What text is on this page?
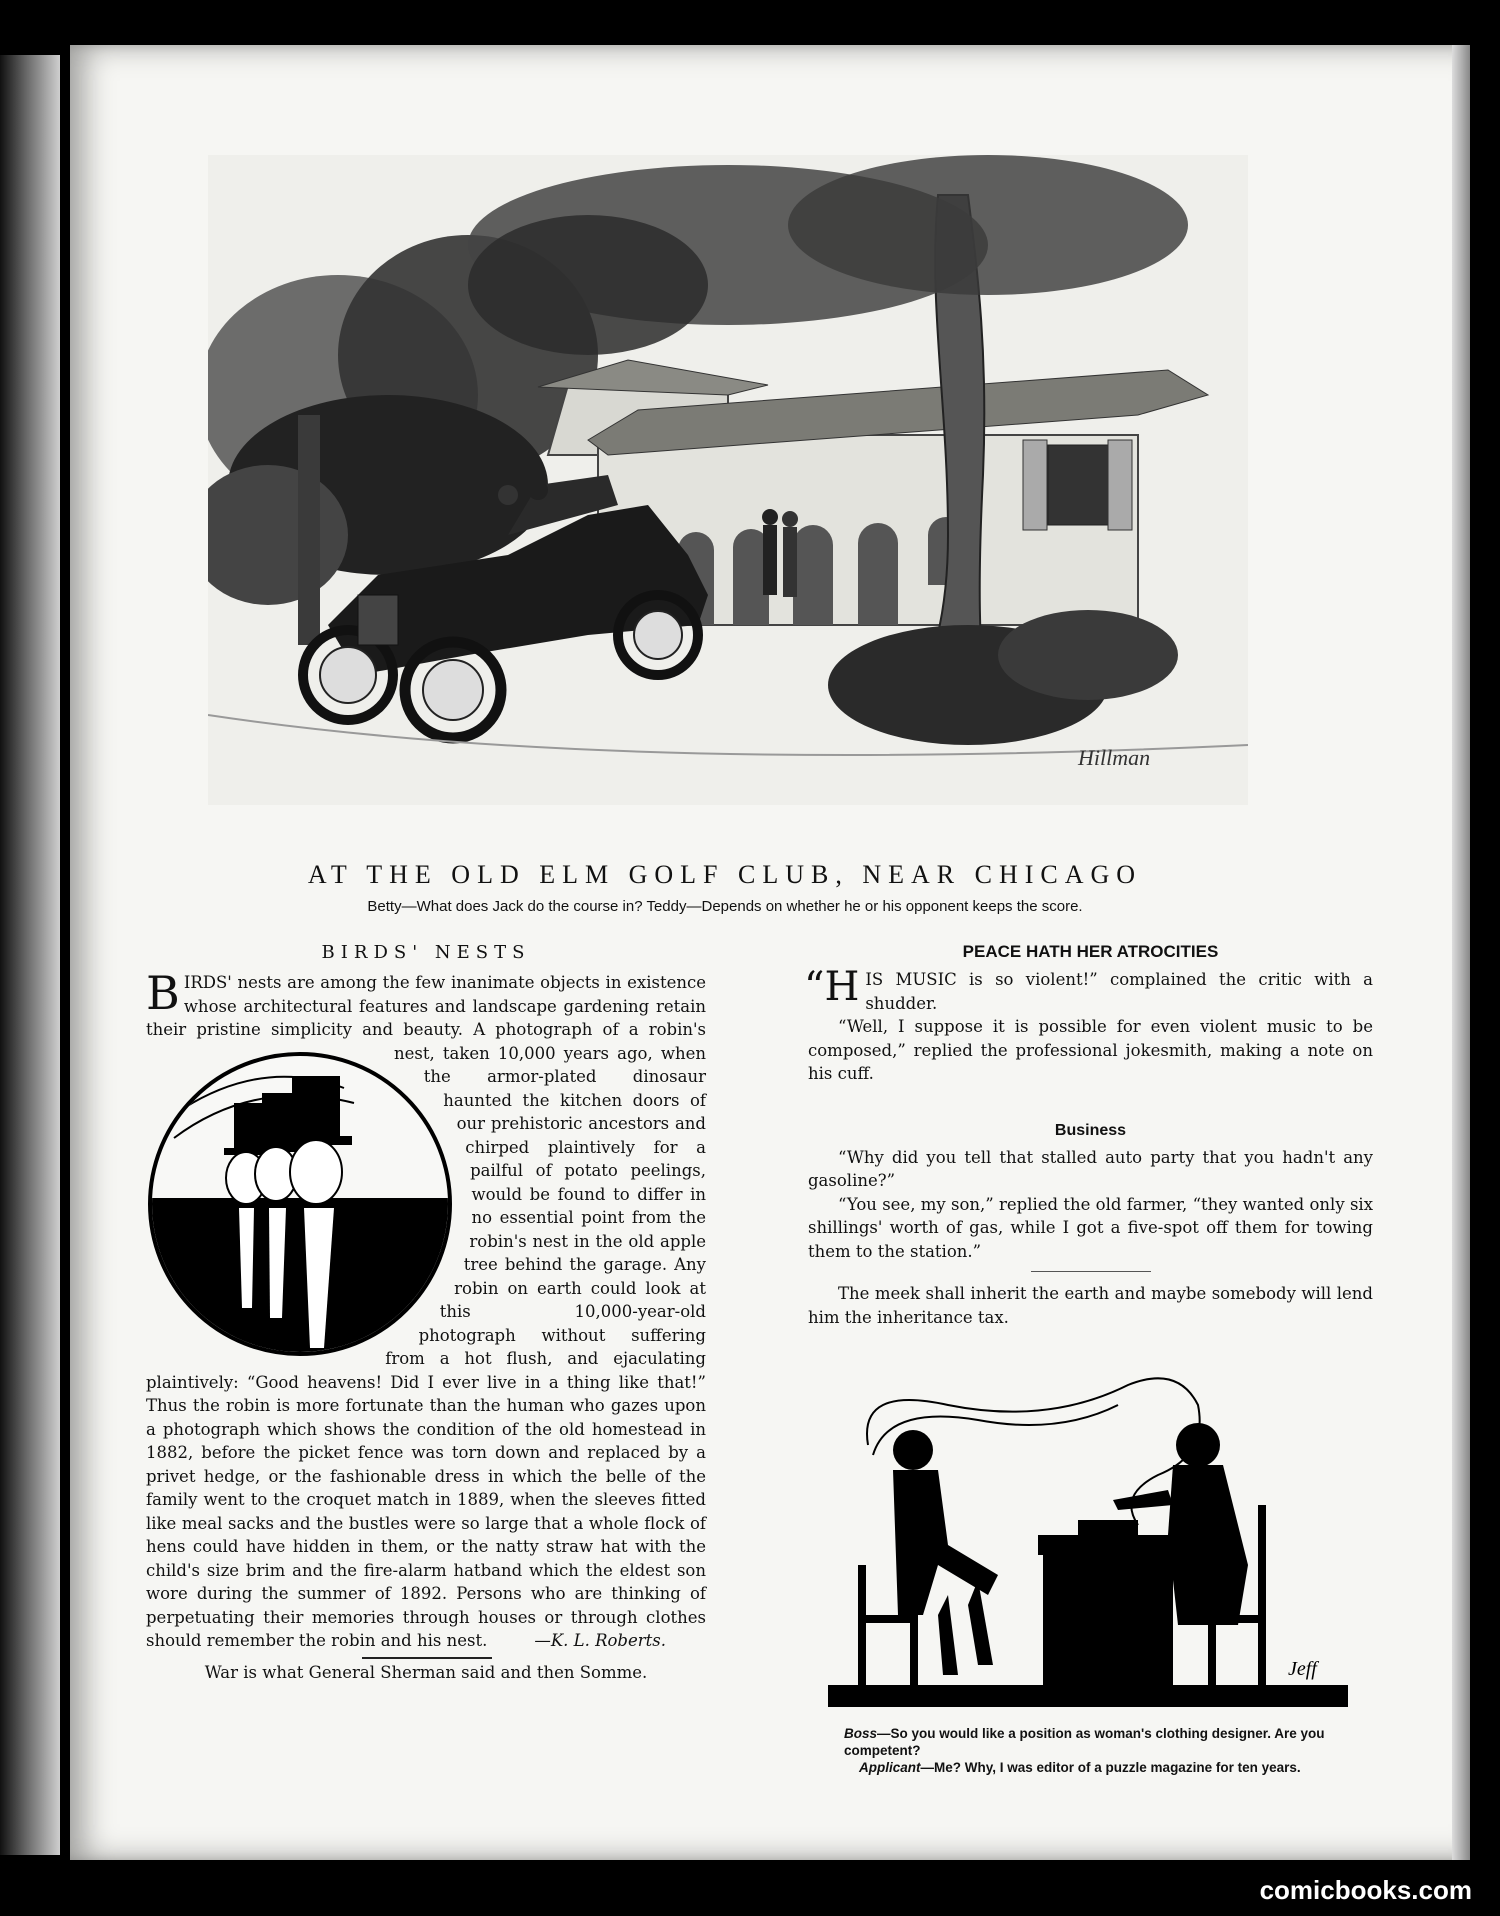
Hillman
AT THE OLD ELM GOLF CLUB, NEAR CHICAGO
Betty—What does Jack do the course in? Teddy—Depends on whether he or his opponent keeps the score.
BIRDS' NESTS

BIRDS' nests are among the few inanimate objects in existence whose architectural features and landscape gardening retain their pristine simplicity and beauty. A photograph of a robin's nest, taken 10,000 years ago, when the armor-plated dinosaur haunted the kitchen doors of our prehistoric ancestors and chirped plaintively for a pailful of potato peelings, would be found to differ in no essential point from the robin's nest in the old apple tree behind the garage. Any robin on earth could look at this 10,000-year-old photograph without suffering from a hot flush, and ejaculating plaintively: “Good heavens! Did I ever live in a thing like that!” Thus the robin is more fortunate than the human who gazes upon a photograph which shows the condition of the old homestead in 1882, before the picket fence was torn down and replaced by a privet hedge, or the fashionable dress in which the belle of the family went to the croquet match in 1889, when the sleeves fitted like meal sacks and the bustles were so large that a whole flock of hens could have hidden in them, or the natty straw hat with the child's size brim and the fire-alarm hatband which the eldest son wore during the summer of 1892. Persons who are thinking of perpetuating their memories through houses or through clothes should remember the robin and his nest.	—K. L. Roberts.

War is what General Sherman said and then Somme.
PEACE HATH HER ATROCITIES

“H IS MUSIC is so violent!” complained the critic with a shudder.

“Well, I suppose it is possible for even violent music to be composed,” replied the professional jokesmith, making a note on his cuff.

Business

“Why did you tell that stalled auto party that you hadn't any gasoline?”

“You see, my son,” replied the old farmer, “they wanted only six shillings' worth of gas, while I got a five-spot off them for towing them to the station.”

The meek shall inherit the earth and maybe somebody will lend him the inheritance tax.

Jeff
Boss—So you would like a position as woman's clothing designer. Are you competent?
Applicant—Me? Why, I was editor of a puzzle magazine for ten years.
comicbooks.com
